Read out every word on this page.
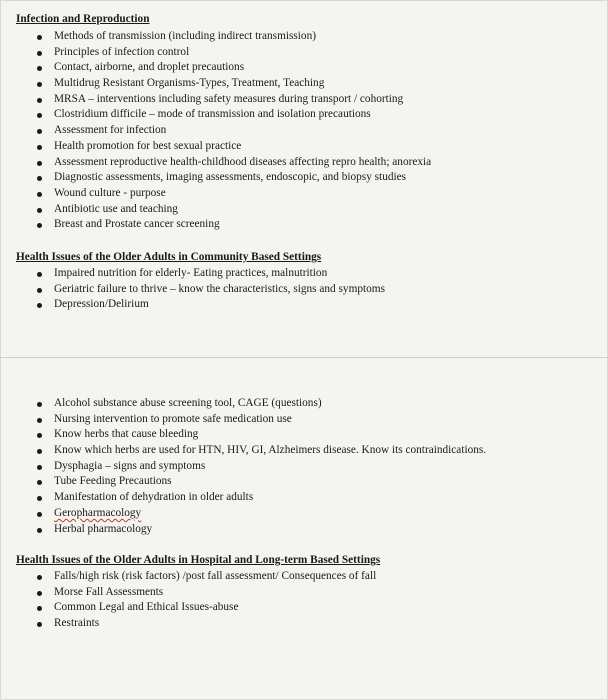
Infection and Reproduction
Methods of transmission (including indirect transmission)
Principles of infection control
Contact, airborne, and droplet precautions
Multidrug Resistant Organisms-Types, Treatment, Teaching
MRSA – interventions including safety measures during transport / cohorting
Clostridium difficile – mode of transmission and isolation precautions
Assessment for infection
Health promotion for best sexual practice
Assessment reproductive health-childhood diseases affecting repro health; anorexia
Diagnostic assessments, imaging assessments, endoscopic, and biopsy studies
Wound culture - purpose
Antibiotic use and teaching
Breast and Prostate cancer screening
Health Issues of the Older Adults in Community Based Settings
Impaired nutrition for elderly- Eating practices, malnutrition
Geriatric failure to thrive – know the characteristics, signs and symptoms
Depression/Delirium
Alcohol substance abuse screening tool, CAGE (questions)
Nursing intervention to promote safe medication use
Know herbs that cause bleeding
Know which herbs are used for HTN, HIV, GI, Alzheimers disease. Know its contraindications.
Dysphagia – signs and symptoms
Tube Feeding Precautions
Manifestation of dehydration in older adults
Geropharmacology
Herbal pharmacology
Health Issues of the Older Adults in Hospital and Long-term Based Settings
Falls/high risk (risk factors) /post fall assessment/ Consequences of fall
Morse Fall Assessments
Common Legal and Ethical Issues-abuse
Restraints
